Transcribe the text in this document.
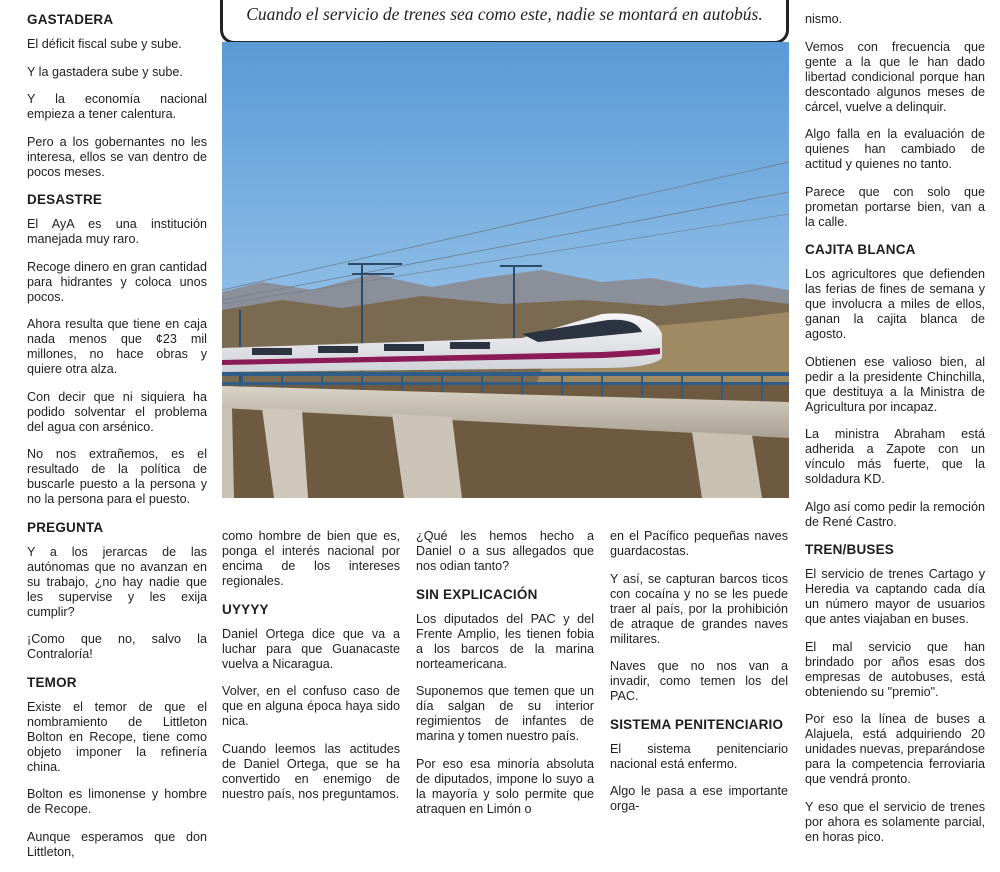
GASTADERA

El déficit fiscal sube y sube.

Y la gastadera sube y sube.

Y la economía nacional empieza a tener calentura.

Pero a los gobernantes no les interesa, ellos se van dentro de pocos meses.

DESASTRE

El AyA es una institución manejada muy raro.

Recoge dinero en gran cantidad para hidrantes y coloca unos pocos.

Ahora resulta que tiene en caja nada menos que ¢23 mil millones, no hace obras y quiere otra alza.

Con decir que ni siquiera ha podido solventar el problema del agua con arsénico.

No nos extrañemos, es el resultado de la política de buscarle puesto a la persona y no la persona para el puesto.

PREGUNTA

Y a los jerarcas de las autónomas que no avanzan en su trabajo, ¿no hay nadie que les supervise y les exija cumplir?

¡Como que no, salvo la Contraloría!

TEMOR

Existe el temor de que el nombramiento de Littleton Bolton en Recope, tiene como objeto imponer la refinería china.

Bolton es limonense y hombre de Recope.

Aunque esperamos que don Littleton,

Cuando el servicio de trenes sea como este, nadie se montará en autobús.

como hombre de bien que es, ponga el interés nacional por encima de los intereses regionales.

UYYYY

Daniel Ortega dice que va a luchar para que Guanacaste vuelva a Nicaragua.

Volver, en el confuso caso de que en alguna época haya sido nica.

Cuando leemos las actitudes de Daniel Ortega, que se ha convertido en enemigo de nuestro país, nos preguntamos.

¿Qué les hemos hecho a Daniel o a sus allegados que nos odian tanto?

SIN EXPLICACIÓN

Los diputados del PAC y del Frente Amplio, les tienen fobia a los barcos de la marina norteamericana.

Suponemos que temen que un día salgan de su interior regimientos de infantes de marina y tomen nuestro país.

Por eso esa minoría absoluta de diputados, impone lo suyo a la mayoría y solo permite que atraquen en Limón o

en el Pacífico pequeñas naves guardacostas.

Y así, se capturan barcos ticos con cocaína y no se les puede traer al país, por la prohibición de atraque de grandes naves militares.

Naves que no nos van a invadir, como temen los del PAC.

SISTEMA PENITENCIARIO

El sistema penitenciario nacional está enfermo.

Algo le pasa a ese importante orga-

nismo.

Vemos con frecuencia que gente a la que le han dado libertad condicional porque han descontado algunos meses de cárcel, vuelve a delinquir.

Algo falla en la evaluación de quienes han cambiado de actitud y quienes no tanto.

Parece que con solo que prometan portarse bien, van a la calle.

CAJITA BLANCA

Los agricultores que defienden las ferias de fines de semana y que involucra a miles de ellos, ganan la cajita blanca de agosto.

Obtienen ese valioso bien, al pedir a la presidente Chinchilla, que destituya a la Ministra de Agricultura por incapaz.

La ministra Abraham está adherida a Zapote con un vínculo más fuerte, que la soldadura KD.

Algo así como pedir la remoción de René Castro.

TREN/BUSES

El servicio de trenes Cartago y Heredia va captando cada día un número mayor de usuarios que antes viajaban en buses.

El mal servicio que han brindado por años esas dos empresas de autobuses, está obteniendo su "premio".

Por eso la línea de buses a Alajuela, está adquiriendo 20 unidades nuevas, preparándose para la competencia ferroviaria que vendrá pronto.

Y eso que el servicio de trenes por ahora es solamente parcial, en horas pico.
